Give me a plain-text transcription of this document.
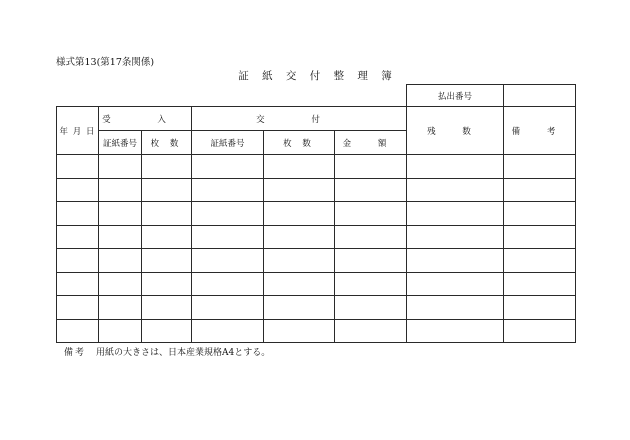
様式第13(第17条関係)
証 紙 交 付 整 理 簿
						払出番号	
年 月 日	受 入		交 付			残 数	備 考
	証紙番号	枚 数	証紙番号	枚 数	金 額		

備考 用紙の大きさは、日本産業規格A4とする。
